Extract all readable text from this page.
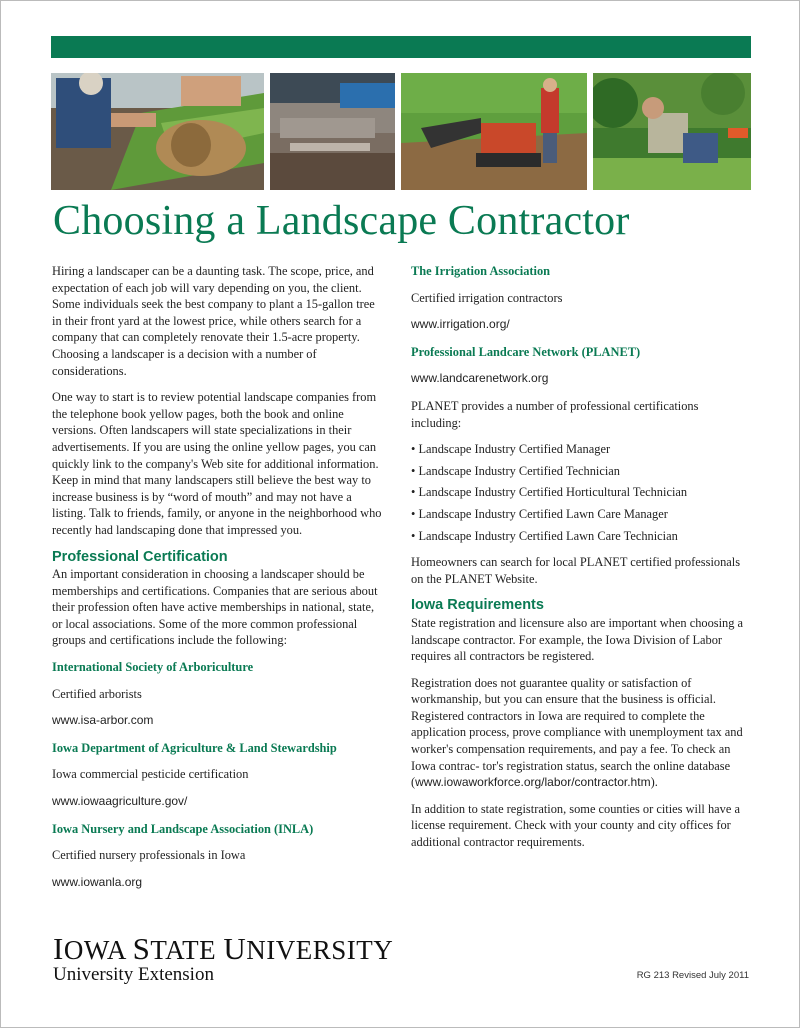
Choosing a Landscape Contractor

Hiring a landscaper can be a daunting task. The scope, price, and expectation of each job will vary depending on you, the client. Some individuals seek the best company to plant a 15-gallon tree in their front yard at the lowest price, while others search for a company that can completely renovate their 1.5-acre property. Choosing a landscaper is a decision with a number of considerations.

One way to start is to review potential landscape companies from the telephone book yellow pages, both the book and online versions. Often landscapers will state specializations in their advertisements. If you are using the online yellow pages, you can quickly link to the company's Web site for additional information. Keep in mind that many landscapers still believe the best way to increase business is by “word of mouth” and may not have a listing. Talk to friends, family, or anyone in the neighborhood who recently had landscaping done that impressed you.

Professional Certification

An important consideration in choosing a landscaper should be memberships and certifications. Companies that are serious about their profession often have active memberships in national, state, or local associations. Some of the more common professional groups and certifications include the following:

International Society of Arboriculture

Certified arborists

www.isa-arbor.com

Iowa Department of Agriculture & Land Stewardship

Iowa commercial pesticide certification

www.iowaagriculture.gov/

Iowa Nursery and Landscape Association (INLA)

Certified nursery professionals in Iowa

www.iowanla.org

The Irrigation Association

Certified irrigation contractors

www.irrigation.org/

Professional Landcare Network (PLANET)

www.landcarenetwork.org

PLANET provides a number of professional certifications including:

• Landscape Industry Certified Manager
• Landscape Industry Certified Technician
• Landscape Industry Certified Horticultural Technician
• Landscape Industry Certified Lawn Care Manager
• Landscape Industry Certified Lawn Care Technician

Homeowners can search for local PLANET certified professionals on the PLANET Website.

Iowa Requirements

State registration and licensure also are important when choosing a landscape contractor. For example, the Iowa Division of Labor requires all contractors be registered.

Registration does not guarantee quality or satisfaction of workmanship, but you can ensure that the business is official. Registered contractors in Iowa are required to complete the application process, prove compliance with unemployment tax and worker's compensation requirements, and pay a fee. To check an Iowa contrac- tor's registration status, search the online database (www.iowaworkforce.org/labor/contractor.htm).

In addition to state registration, some counties or cities will have a license requirement. Check with your county and city offices for additional contractor requirements.

IOWA STATE UNIVERSITY
University Extension	RG 213 Revised July 2011
